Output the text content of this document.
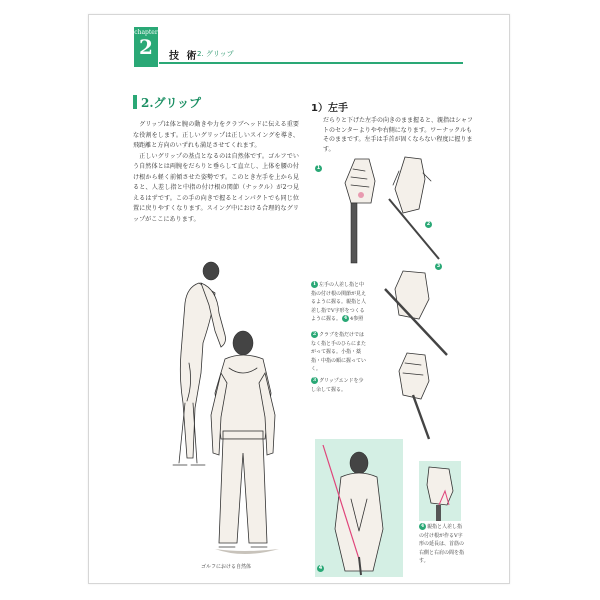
chapter
2	技 術
2. グリップ
2.グリップ

グリップは体と腕の動きや力をクラブヘッドに伝える重要な役割をします。正しいグリップは正しいスイングを導き、飛距離と方向のいずれも満足させてくれます。

正しいグリップの基点となるのは自然体です。ゴルフでいう自然体とは両腕をだらりと垂らして直立し、上体を腰の付け根から軽く前傾させた姿勢です。このとき左手を上から見ると、人差し指と中指の付け根の関節（ナックル）が2つ見えるはずです。この手の向きで握るとインパクトでも同じ位置に戻りやすくなります。スイング中における合理的なグリップがここにあります。

1）左手
だらりと下げた左手の向きのまま握ると、親指はシャフトのセンターよりやや右側になります。ワーナックルもそのままです。左手は手首が固くならない程度に握ります。
ゴルフにおける自然体
1
2
3
1 左手の人差し指と中指の付け根の関節が見えるように握る。親指と人差し指でV字形をつくるように握る。 4 4参照
2 クラブを指だけではなく指と手のひらにまたがって握る。小指・薬指・中指の順に握っていく。
3 グリップエンドを少し余して握る。
4
4 親指と人差し指の付け根が作るV字形の延長は、首筋の右側と右肩の間を指す。
